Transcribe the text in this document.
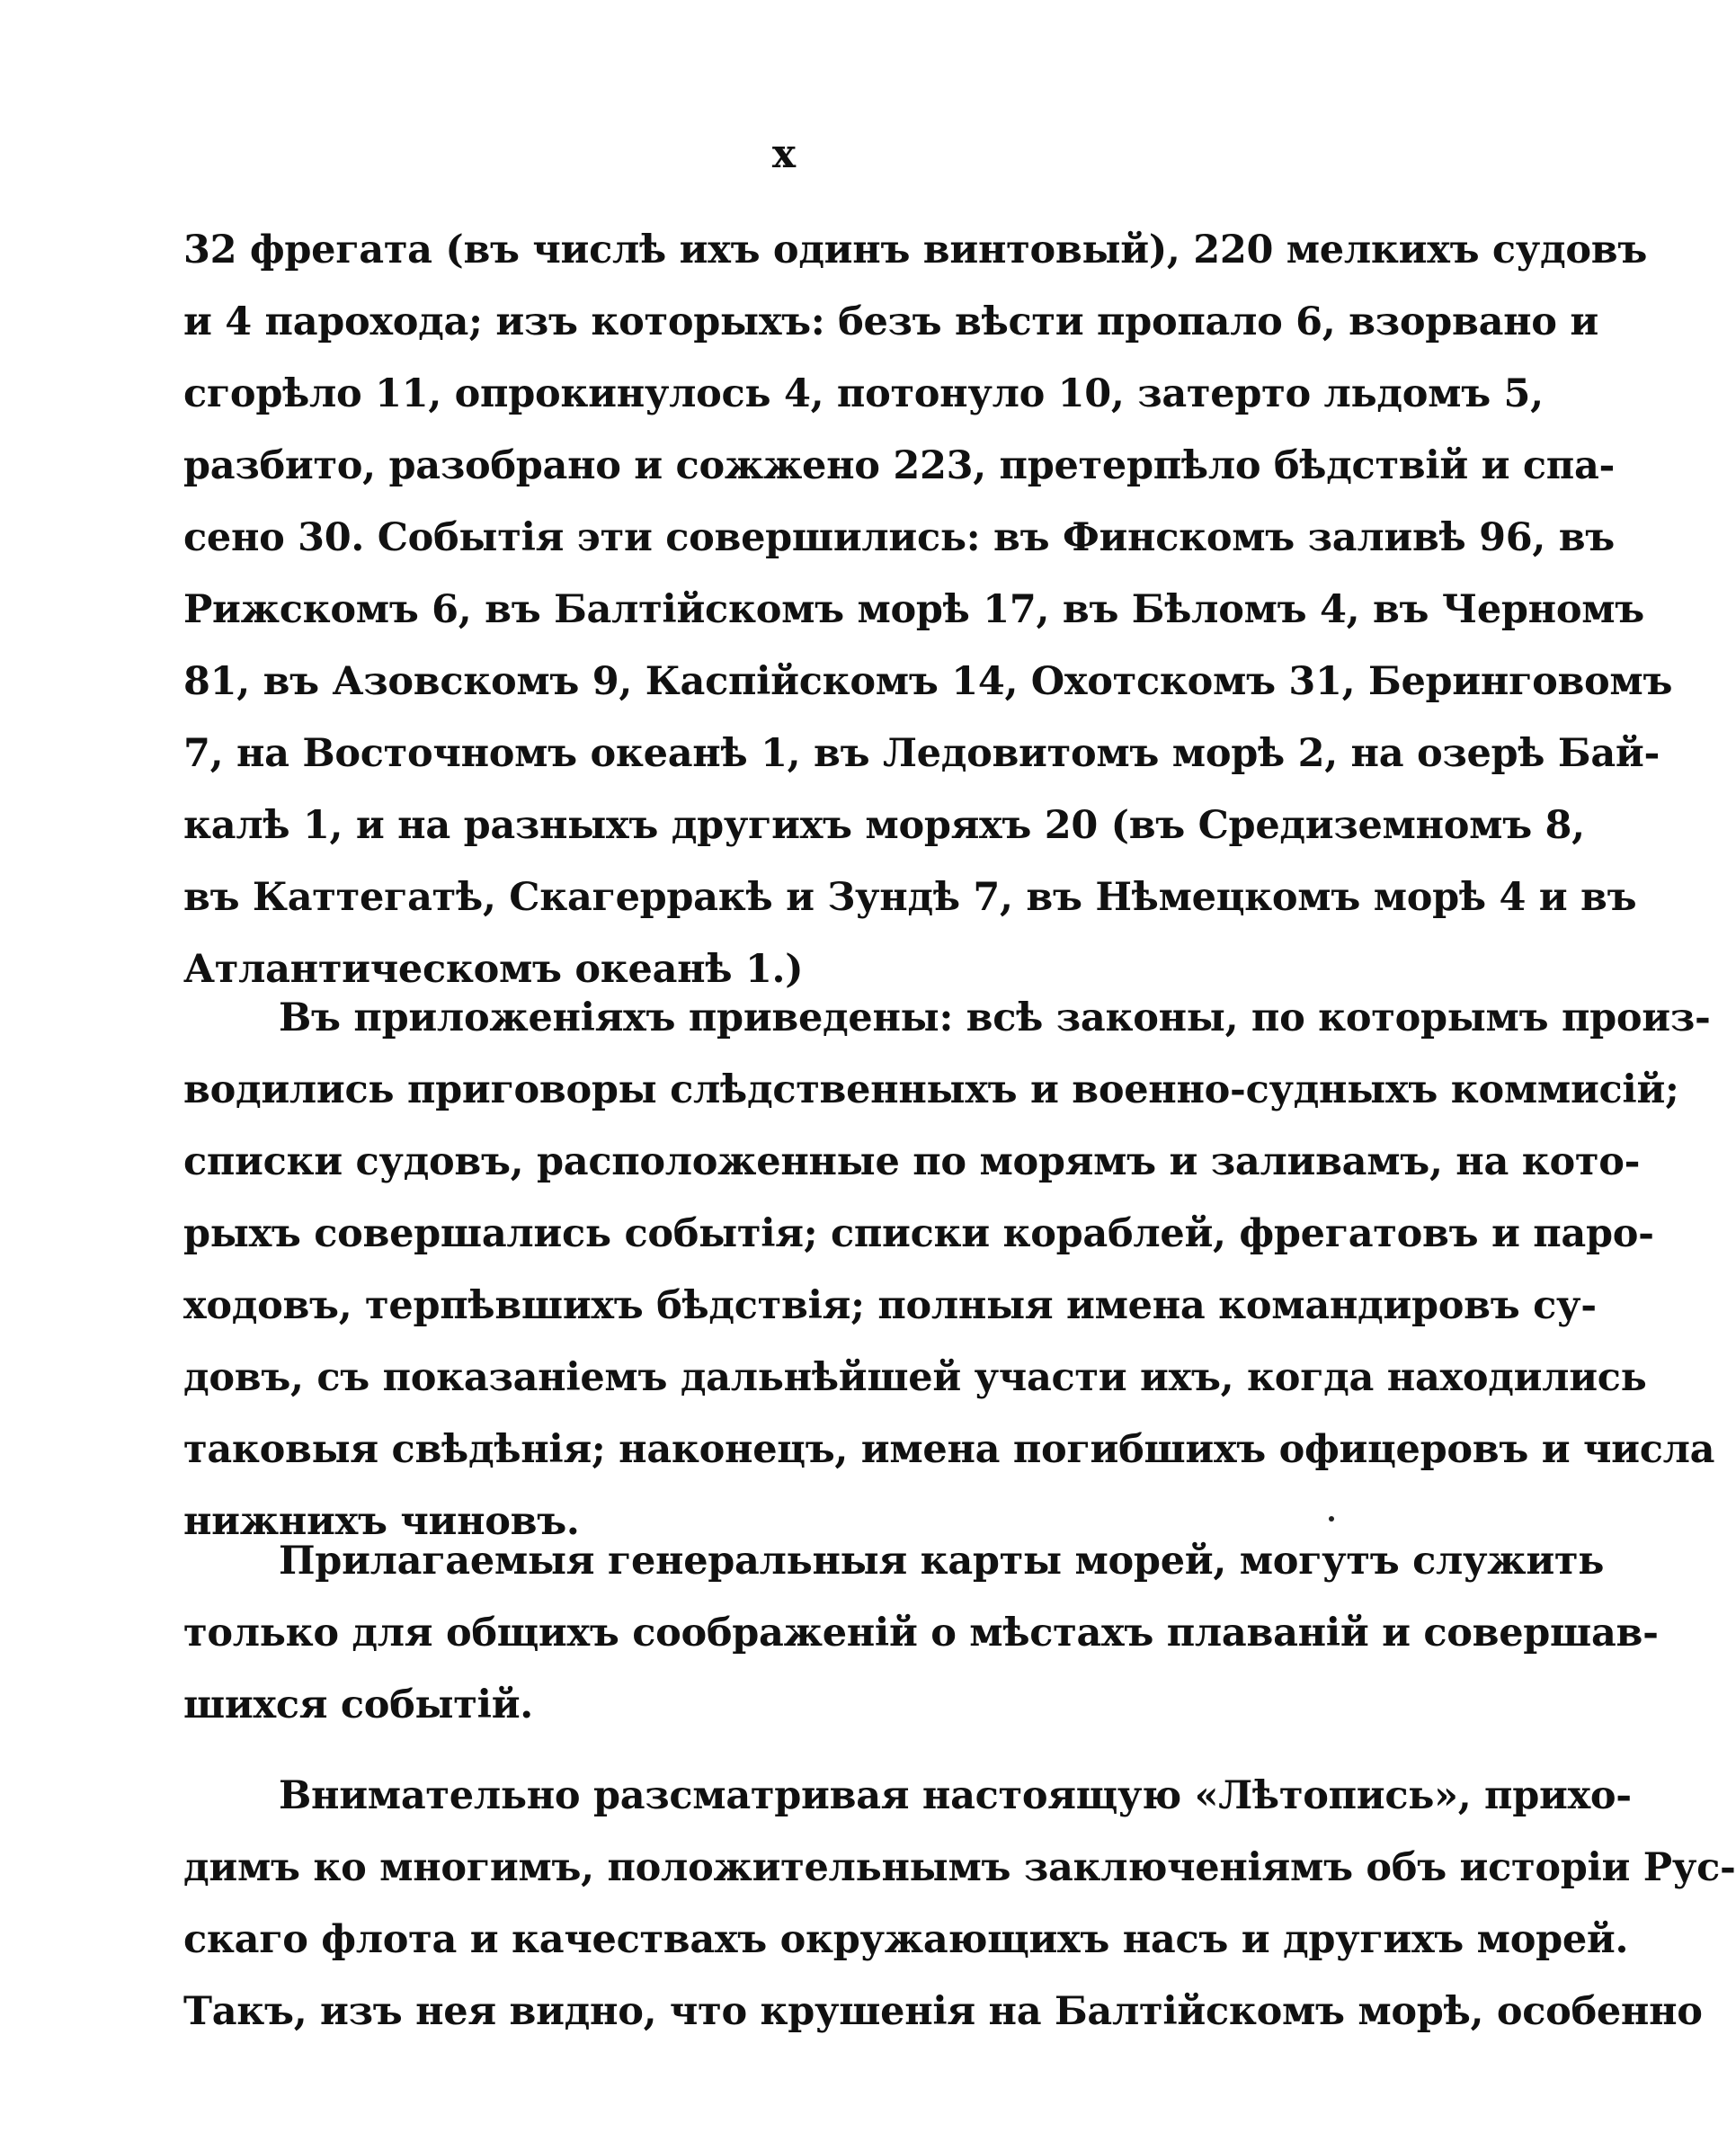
x
32 фрегата (въ числѣ ихъ одинъ винтовый), 220 мелкихъ судовъ
и 4 парохода; изъ которыхъ: безъ вѣсти пропало 6, взорвано и
сгорѣло 11, опрокинулось 4, потонуло 10, затерто льдомъ 5,
разбито, разобрано и сожжено 223, претерпѣло бѣдствiй и спа-
сено 30. Событiя эти совершились: въ Финскомъ заливѣ 96, въ
Рижскомъ 6, въ Балтiйскомъ морѣ 17, въ Бѣломъ 4, въ Черномъ
81, въ Азовскомъ 9, Каспiйскомъ 14, Охотскомъ 31, Беринговомъ
7, на Восточномъ океанѣ 1, въ Ледовитомъ морѣ 2, на озерѣ Бай-
калѣ 1, и на разныхъ другихъ моряхъ 20 (въ Средиземномъ 8,
въ Каттегатѣ, Скагерракѣ и Зундѣ 7, въ Нѣмецкомъ морѣ 4 и въ
Атлантическомъ океанѣ 1.)
Въ приложенiяхъ приведены: всѣ законы, по которымъ произ-
водились приговоры слѣдственныхъ и военно-судныхъ коммисiй;
списки судовъ, расположенные по морямъ и заливамъ, на кото-
рыхъ совершались событiя; списки кораблей, фрегатовъ и паро-
ходовъ, терпѣвшихъ бѣдствiя; полныя имена командировъ су-
довъ, съ показанiемъ дальнѣйшей участи ихъ, когда находились
таковыя свѣдѣнiя; наконецъ, имена погибшихъ офицеровъ и числа
нижнихъ чиновъ.
Прилагаемыя генеральныя карты морей, могутъ служить
только для общихъ соображенiй о мѣстахъ плаванiй и совершав-
шихся событiй.
Внимательно разсматривая настоящую «Лѣтопись», прихо-
димъ ко многимъ, положительнымъ заключенiямъ объ исторiи Рус-
скаго флота и качествахъ окружающихъ насъ и другихъ морей.
Такъ, изъ нея видно, что крушенiя на Балтiйскомъ морѣ, особенно
